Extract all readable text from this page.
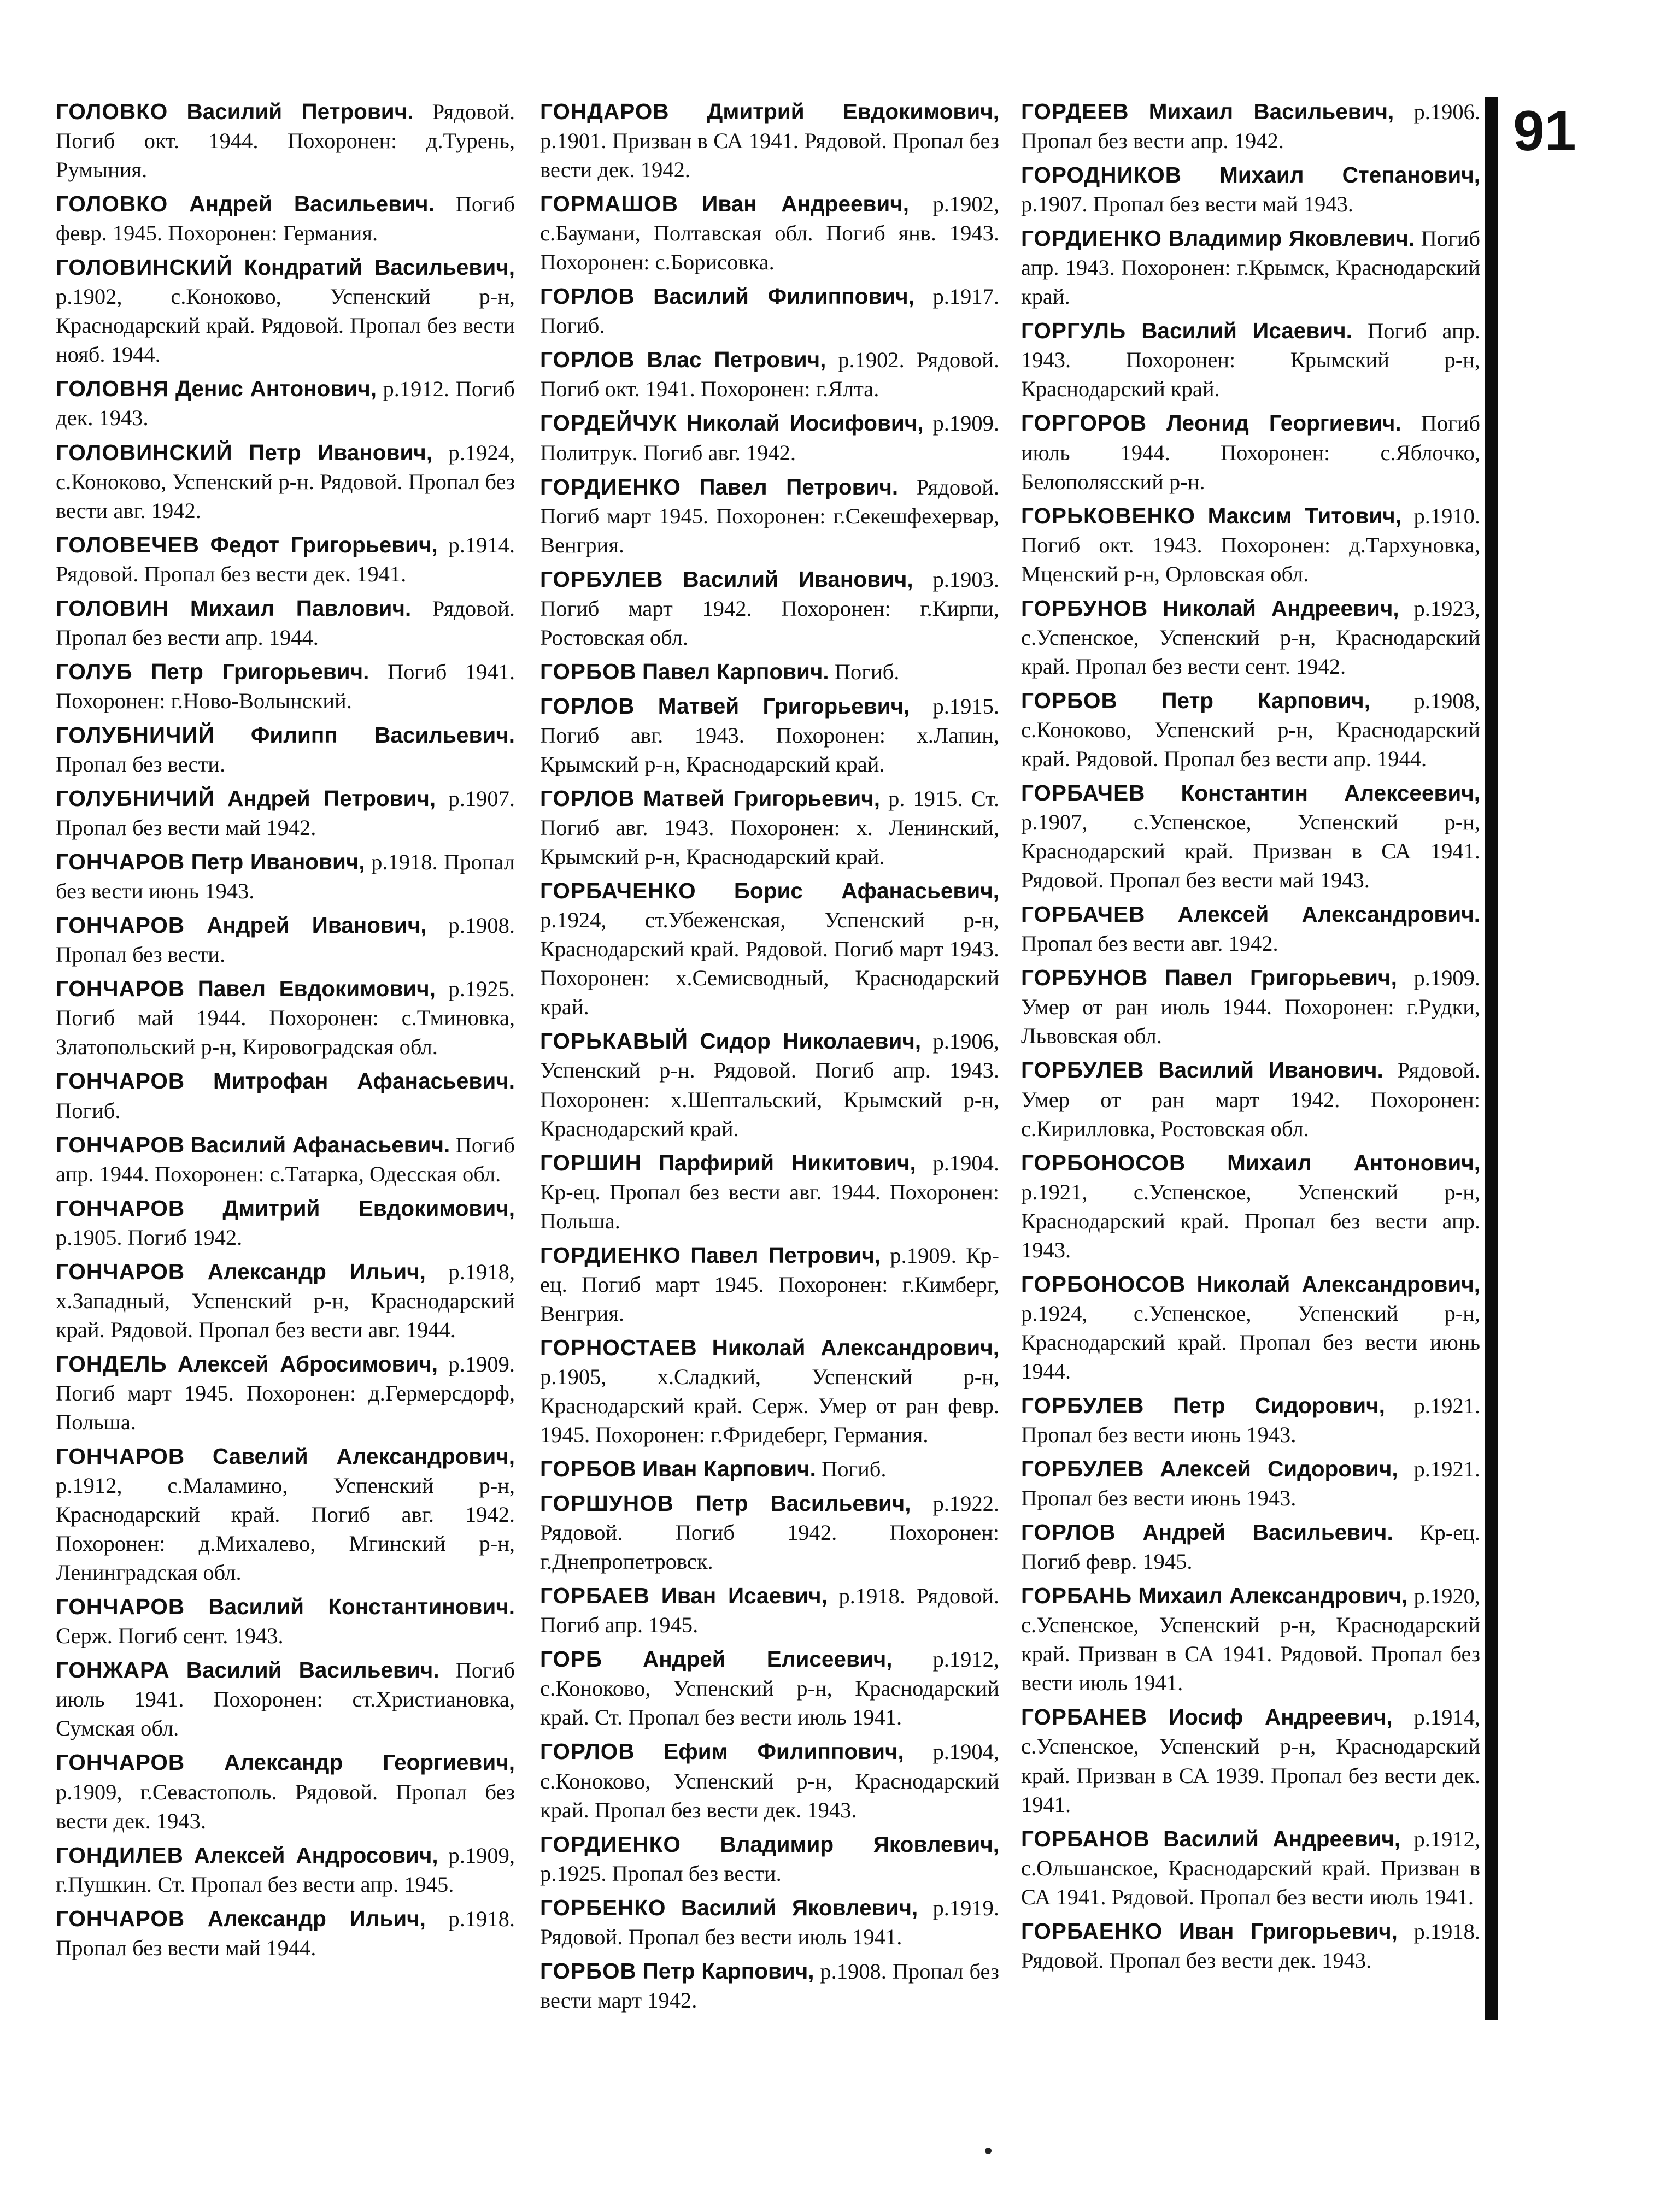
ГОЛОВКО Василий Петрович. Рядовой. Погиб окт. 1944. Похоронен: д.Турень, Румыния.

ГОЛОВКО Андрей Васильевич. Погиб февр. 1945. Похоронен: Германия.

ГОЛОВИНСКИЙ Кондратий Васильевич, р.1902, с.Коноково, Успенский р-н, Краснодарский край. Рядовой. Пропал без вести нояб. 1944.

ГОЛОВНЯ Денис Антонович, р.1912. Погиб дек. 1943.

ГОЛОВИНСКИЙ Петр Иванович, р.1924, с.Коноково, Успенский р-н. Рядовой. Пропал без вести авг. 1942.

ГОЛОВЕЧЕВ Федот Григорьевич, р.1914. Рядовой. Пропал без вести дек. 1941.

ГОЛОВИН Михаил Павлович. Рядовой. Пропал без вести апр. 1944.

ГОЛУБ Петр Григорьевич. Погиб 1941. Похоронен: г.Ново-Волынский.

ГОЛУБНИЧИЙ Филипп Васильевич. Пропал без вести.

ГОЛУБНИЧИЙ Андрей Петрович, р.1907. Пропал без вести май 1942.

ГОНЧАРОВ Петр Иванович, р.1918. Пропал без вести июнь 1943.

ГОНЧАРОВ Андрей Иванович, р.1908. Пропал без вести.

ГОНЧАРОВ Павел Евдокимович, р.1925. Погиб май 1944. Похоронен: с.Тминовка, Златопольский р-н, Кировоградская обл.

ГОНЧАРОВ Митрофан Афанасьевич. Погиб.

ГОНЧАРОВ Василий Афанасьевич. Погиб апр. 1944. Похоронен: с.Татарка, Одесская обл.

ГОНЧАРОВ Дмитрий Евдокимович, р.1905. Погиб 1942.

ГОНЧАРОВ Александр Ильич, р.1918, х.Западный, Успенский р-н, Краснодарский край. Рядовой. Пропал без вести авг. 1944.

ГОНДЕЛЬ Алексей Абросимович, р.1909. Погиб март 1945. Похоронен: д.Гермерсдорф, Польша.

ГОНЧАРОВ Савелий Александрович, р.1912, с.Маламино, Успенский р-н, Краснодарский край. Погиб авг. 1942. Похоронен: д.Михалево, Мгинский р-н, Ленинградская обл.

ГОНЧАРОВ Василий Константинович. Серж. Погиб сент. 1943.

ГОНЖАРА Василий Васильевич. Погиб июль 1941. Похоронен: ст.Христиановка, Сумская обл.

ГОНЧАРОВ Александр Георгиевич, р.1909, г.Севастополь. Рядовой. Пропал без вести дек. 1943.

ГОНДИЛЕВ Алексей Андросович, р.1909, г.Пушкин. Ст. Пропал без вести апр. 1945.

ГОНЧАРОВ Александр Ильич, р.1918. Пропал без вести май 1944.

ГОНДАРОВ Дмитрий Евдокимович, р.1901. Призван в СА 1941. Рядовой. Пропал без вести дек. 1942.

ГОРМАШОВ Иван Андреевич, р.1902, с.Баумани, Полтавская обл. Погиб янв. 1943. Похоронен: с.Борисовка.

ГОРЛОВ Василий Филиппович, р.1917. Погиб.

ГОРЛОВ Влас Петрович, р.1902. Рядовой. Погиб окт. 1941. Похоронен: г.Ялта.

ГОРДЕЙЧУК Николай Иосифович, р.1909. Политрук. Погиб авг. 1942.

ГОРДИЕНКО Павел Петрович. Рядовой. Погиб март 1945. Похоронен: г.Секешфехервар, Венгрия.

ГОРБУЛЕВ Василий Иванович, р.1903. Погиб март 1942. Похоронен: г.Кирпи, Ростовская обл.

ГОРБОВ Павел Карпович. Погиб.

ГОРЛОВ Матвей Григорьевич, р.1915. Погиб авг. 1943. Похоронен: х.Лапин, Крымский р-н, Краснодарский край.

ГОРЛОВ Матвей Григорьевич, р. 1915. Ст. Погиб авг. 1943. Похоронен: х. Ленинский, Крымский р-н, Краснодарский край.

ГОРБАЧЕНКО Борис Афанасьевич, р.1924, ст.Убеженская, Успенский р-н, Краснодарский край. Рядовой. Погиб март 1943. Похоронен: х.Семисводный, Краснодарский край.

ГОРЬКАВЫЙ Сидор Николаевич, р.1906, Успенский р-н. Рядовой. Погиб апр. 1943. Похоронен: х.Шептальский, Крымский р-н, Краснодарский край.

ГОРШИН Парфирий Никитович, р.1904. Кр-ец. Пропал без вести авг. 1944. Похоронен: Польша.

ГОРДИЕНКО Павел Петрович, р.1909. Кр-ец. Погиб март 1945. Похоронен: г.Кимберг, Венгрия.

ГОРНОСТАЕВ Николай Александрович, р.1905, х.Сладкий, Успенский р-н, Краснодарский край. Серж. Умер от ран февр. 1945. Похоронен: г.Фридеберг, Германия.

ГОРБОВ Иван Карпович. Погиб.

ГОРШУНОВ Петр Васильевич, р.1922. Рядовой. Погиб 1942. Похоронен: г.Днепропетровск.

ГОРБАЕВ Иван Исаевич, р.1918. Рядовой. Погиб апр. 1945.

ГОРБ Андрей Елисеевич, р.1912, с.Коноково, Успенский р-н, Краснодарский край. Ст. Пропал без вести июль 1941.

ГОРЛОВ Ефим Филиппович, р.1904, с.Коноково, Успенский р-н, Краснодарский край. Пропал без вести дек. 1943.

ГОРДИЕНКО Владимир Яковлевич, р.1925. Пропал без вести.

ГОРБЕНКО Василий Яковлевич, р.1919. Рядовой. Пропал без вести июль 1941.

ГОРБОВ Петр Карпович, р.1908. Пропал без вести март 1942.

ГОРДЕЕВ Михаил Васильевич, р.1906. Пропал без вести апр. 1942.

ГОРОДНИКОВ Михаил Степанович, р.1907. Пропал без вести май 1943.

ГОРДИЕНКО Владимир Яковлевич. Погиб апр. 1943. Похоронен: г.Крымск, Краснодарский край.

ГОРГУЛЬ Василий Исаевич. Погиб апр. 1943. Похоронен: Крымский р-н, Краснодарский край.

ГОРГОРОВ Леонид Георгиевич. Погиб июль 1944. Похоронен: с.Яблочко, Белополясский р-н.

ГОРЬКОВЕНКО Максим Титович, р.1910. Погиб окт. 1943. Похоронен: д.Тархуновка, Мценский р-н, Орловская обл.

ГОРБУНОВ Николай Андреевич, р.1923, с.Успенское, Успенский р-н, Краснодарский край. Пропал без вести сент. 1942.

ГОРБОВ Петр Карпович, р.1908, с.Коноково, Успенский р-н, Краснодарский край. Рядовой. Пропал без вести апр. 1944.

ГОРБАЧЕВ Константин Алексеевич, р.1907, с.Успенское, Успенский р-н, Краснодарский край. Призван в СА 1941. Рядовой. Пропал без вести май 1943.

ГОРБАЧЕВ Алексей Александрович. Пропал без вести авг. 1942.

ГОРБУНОВ Павел Григорьевич, р.1909. Умер от ран июль 1944. Похоронен: г.Рудки, Львовская обл.

ГОРБУЛЕВ Василий Иванович. Рядовой. Умер от ран март 1942. Похоронен: с.Кирилловка, Ростовская обл.

ГОРБОНОСОВ Михаил Антонович, р.1921, с.Успенское, Успенский р-н, Краснодарский край. Пропал без вести апр. 1943.

ГОРБОНОСОВ Николай Александрович, р.1924, с.Успенское, Успенский р-н, Краснодарский край. Пропал без вести июнь 1944.

ГОРБУЛЕВ Петр Сидорович, р.1921. Пропал без вести июнь 1943.

ГОРБУЛЕВ Алексей Сидорович, р.1921. Пропал без вести июнь 1943.

ГОРЛОВ Андрей Васильевич. Кр-ец. Погиб февр. 1945.

ГОРБАНЬ Михаил Александрович, р.1920, с.Успенское, Успенский р-н, Краснодарский край. Призван в СА 1941. Рядовой. Пропал без вести июль 1941.

ГОРБАНЕВ Иосиф Андреевич, р.1914, с.Успенское, Успенский р-н, Краснодарский край. Призван в СА 1939. Пропал без вести дек. 1941.

ГОРБАНОВ Василий Андреевич, р.1912, с.Ольшанское, Краснодарский край. Призван в СА 1941. Рядовой. Пропал без вести июль 1941.

ГОРБАЕНКО Иван Григорьевич, р.1918. Рядовой. Пропал без вести дек. 1943.

91
